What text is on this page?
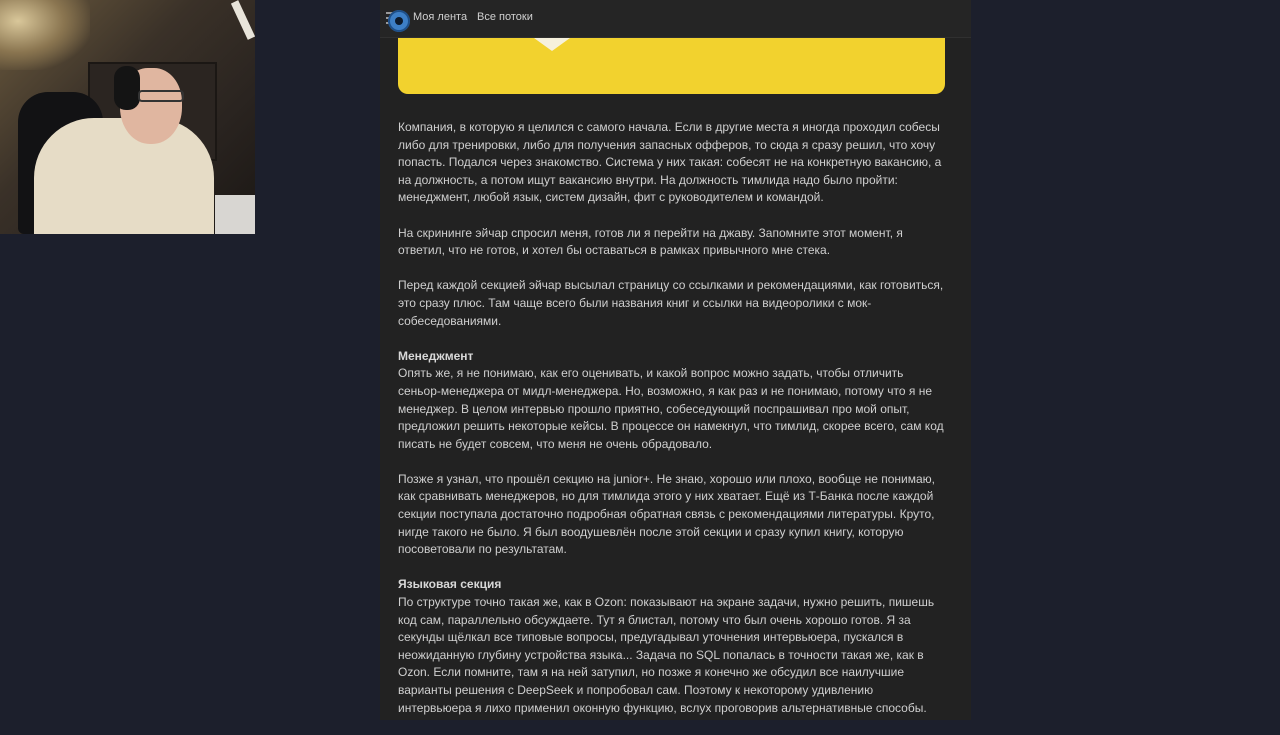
Моя лента Все потоки

Компания, в которую я целился с самого начала. Если в другие места я иногда проходил собесы либо для тренировки, либо для получения запасных офферов, то сюда я сразу решил, что хочу попасть. Подался через знакомство. Система у них такая: собесят не на конкретную вакансию, а на должность, а потом ищут вакансию внутри. На должность тимлида надо было пройти: менеджмент, любой язык, систем дизайн, фит с руководителем и командой.

На скрининге эйчар спросил меня, готов ли я перейти на джаву. Запомните этот момент, я ответил, что не готов, и хотел бы оставаться в рамках привычного мне стека.

Перед каждой секцией эйчар высылал страницу со ссылками и рекомендациями, как готовиться, это сразу плюс. Там чаще всего были названия книг и ссылки на видеоролики с мок-собеседованиями.

Менеджмент

Опять же, я не понимаю, как его оценивать, и какой вопрос можно задать, чтобы отличить сеньор-менеджера от мидл-менеджера. Но, возможно, я как раз и не понимаю, потому что я не менеджер. В целом интервью прошло приятно, собеседующий поспрашивал про мой опыт, предложил решить некоторые кейсы. В процессе он намекнул, что тимлид, скорее всего, сам код писать не будет совсем, что меня не очень обрадовало.

Позже я узнал, что прошёл секцию на junior+. Не знаю, хорошо или плохо, вообще не понимаю, как сравнивать менеджеров, но для тимлида этого у них хватает. Ещё из Т-Банка после каждой секции поступала достаточно подробная обратная связь с рекомендациями литературы. Круто, нигде такого не было. Я был воодушевлён после этой секции и сразу купил книгу, которую посоветовали по результатам.

Языковая секция

По структуре точно такая же, как в Ozon: показывают на экране задачи, нужно решить, пишешь код сам, параллельно обсуждаете. Тут я блистал, потому что был очень хорошо готов. Я за секунды щёлкал все типовые вопросы, предугадывал уточнения интервьюера, пускался в неожиданную глубину устройства языка... Задача по SQL попалась в точности такая же, как в Ozon. Если помните, там я на ней затупил, но позже я конечно же обсудил все наилучшие варианты решения с DeepSeek и попробовал сам. Поэтому к некоторому удивлению интервьюера я лихо применил оконную функцию, вслух проговорив альтернативные способы.
